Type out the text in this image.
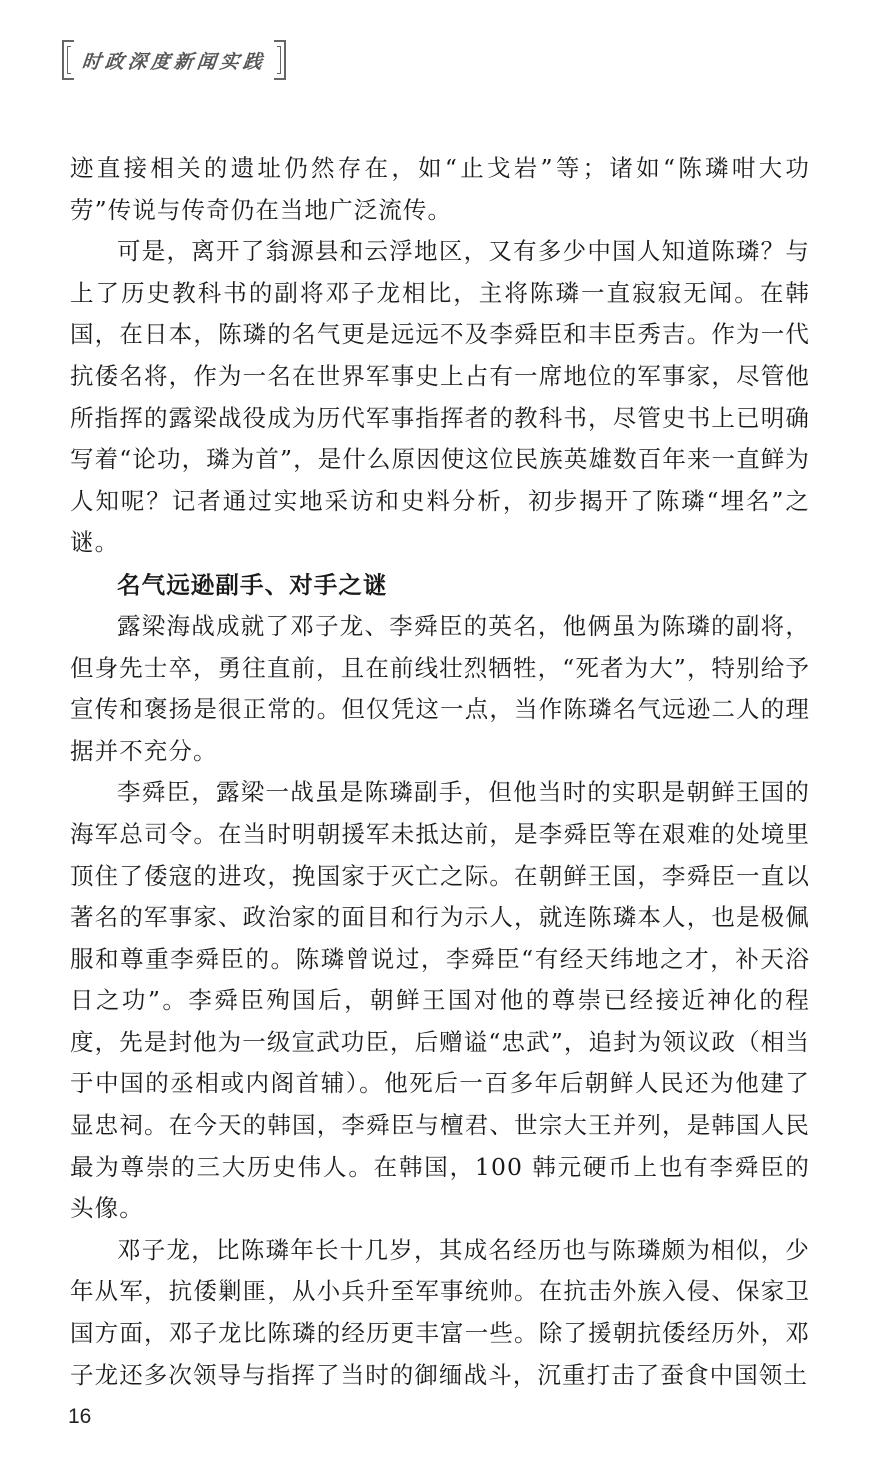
时政深度新闻实践

迹直接相关的遗址仍然存在，如“止戈岩”等；诸如“陈璘咁大功劳”传说与传奇仍在当地广泛流传。

可是，离开了翁源县和云浮地区，又有多少中国人知道陈璘？与上了历史教科书的副将邓子龙相比，主将陈璘一直寂寂无闻。在韩国，在日本，陈璘的名气更是远远不及李舜臣和丰臣秀吉。作为一代抗倭名将，作为一名在世界军事史上占有一席地位的军事家，尽管他所指挥的露梁战役成为历代军事指挥者的教科书，尽管史书上已明确写着“论功，璘为首”，是什么原因使这位民族英雄数百年来一直鲜为人知呢？记者通过实地采访和史料分析，初步揭开了陈璘“埋名”之谜。

名气远逊副手、对手之谜

露梁海战成就了邓子龙、李舜臣的英名，他俩虽为陈璘的副将，但身先士卒，勇往直前，且在前线壮烈牺牲，“死者为大”，特别给予宣传和褒扬是很正常的。但仅凭这一点，当作陈璘名气远逊二人的理据并不充分。

李舜臣，露梁一战虽是陈璘副手，但他当时的实职是朝鲜王国的海军总司令。在当时明朝援军未抵达前，是李舜臣等在艰难的处境里顶住了倭寇的进攻，挽国家于灭亡之际。在朝鲜王国，李舜臣一直以著名的军事家、政治家的面目和行为示人，就连陈璘本人，也是极佩服和尊重李舜臣的。陈璘曾说过，李舜臣“有经天纬地之才，补天浴日之功”。李舜臣殉国后，朝鲜王国对他的尊崇已经接近神化的程度，先是封他为一级宣武功臣，后赠谥“忠武”，追封为领议政（相当于中国的丞相或内阁首辅）。他死后一百多年后朝鲜人民还为他建了显忠祠。在今天的韩国，李舜臣与檀君、世宗大王并列，是韩国人民最为尊崇的三大历史伟人。在韩国，100 韩元硬币上也有李舜臣的头像。

邓子龙，比陈璘年长十几岁，其成名经历也与陈璘颇为相似，少年从军，抗倭剿匪，从小兵升至军事统帅。在抗击外族入侵、保家卫国方面，邓子龙比陈璘的经历更丰富一些。除了援朝抗倭经历外，邓子龙还多次领导与指挥了当时的御缅战斗，沉重打击了蚕食中国领土

16
